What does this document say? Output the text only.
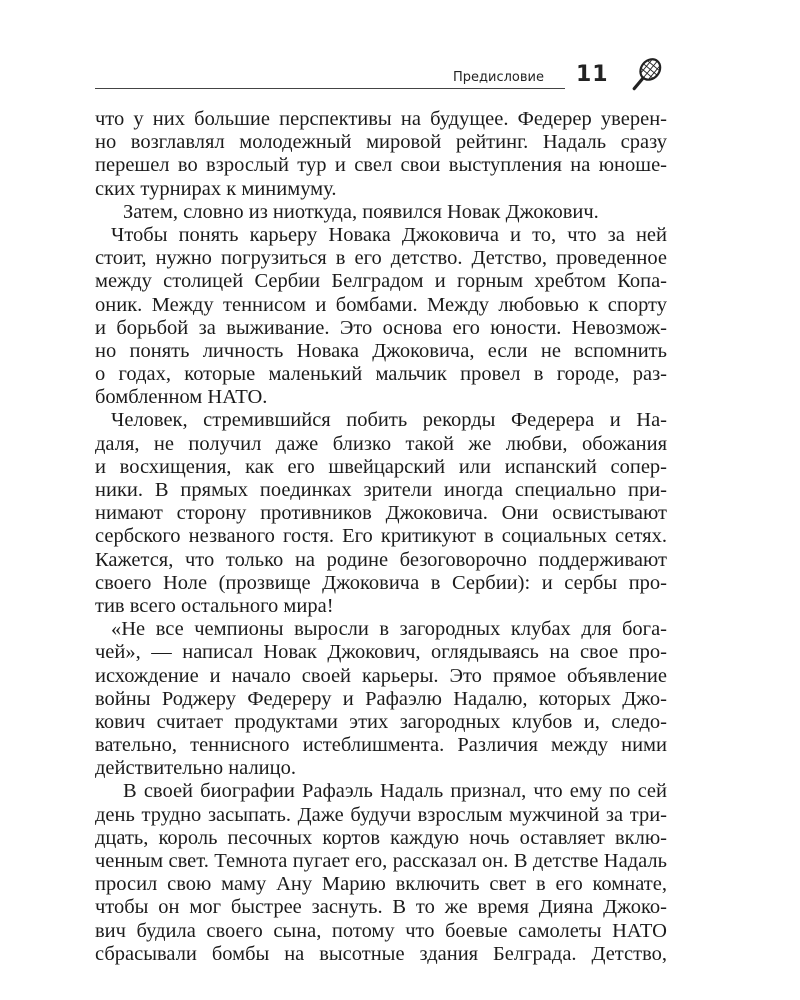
Предисловие 11
что у них большие перспективы на будущее. Федерер уверен-
но возглавлял молодежный мировой рейтинг. Надаль сразу
перешел во взрослый тур и свел свои выступления на юноше-
ских турнирах к минимуму.
Затем, словно из ниоткуда, появился Новак Джокович.
Чтобы понять карьеру Новака Джоковича и то, что за ней
стоит, нужно погрузиться в его детство. Детство, проведенное
между столицей Сербии Белградом и горным хребтом Копа-
оник. Между теннисом и бомбами. Между любовью к спорту
и борьбой за выживание. Это основа его юности. Невозмож-
но понять личность Новака Джоковича, если не вспомнить
о годах, которые маленький мальчик провел в городе, раз-
бомбленном НАТО.
Человек, стремившийся побить рекорды Федерера и На-
даля, не получил даже близко такой же любви, обожания
и восхищения, как его швейцарский или испанский сопер-
ники. В прямых поединках зрители иногда специально при-
нимают сторону противников Джоковича. Они освистывают
сербского незваного гостя. Его критикуют в социальных сетях.
Кажется, что только на родине безоговорочно поддерживают
своего Ноле (прозвище Джоковича в Сербии): и сербы про-
тив всего остального мира!
«Не все чемпионы выросли в загородных клубах для бога-
чей», — написал Новак Джокович, оглядываясь на свое про-
исхождение и начало своей карьеры. Это прямое объявление
войны Роджеру Федереру и Рафаэлю Надалю, которых Джо-
кович считает продуктами этих загородных клубов и, следо-
вательно, теннисного истеблишмента. Различия между ними
действительно налицо.
В своей биографии Рафаэль Надаль признал, что ему по сей
день трудно засыпать. Даже будучи взрослым мужчиной за три-
дцать, король песочных кортов каждую ночь оставляет вклю-
ченным свет. Темнота пугает его, рассказал он. В детстве Надаль
просил свою маму Ану Марию включить свет в его комнате,
чтобы он мог быстрее заснуть. В то же время Дияна Джоко-
вич будила своего сына, потому что боевые самолеты НАТО
сбрасывали бомбы на высотные здания Белграда. Детство,
